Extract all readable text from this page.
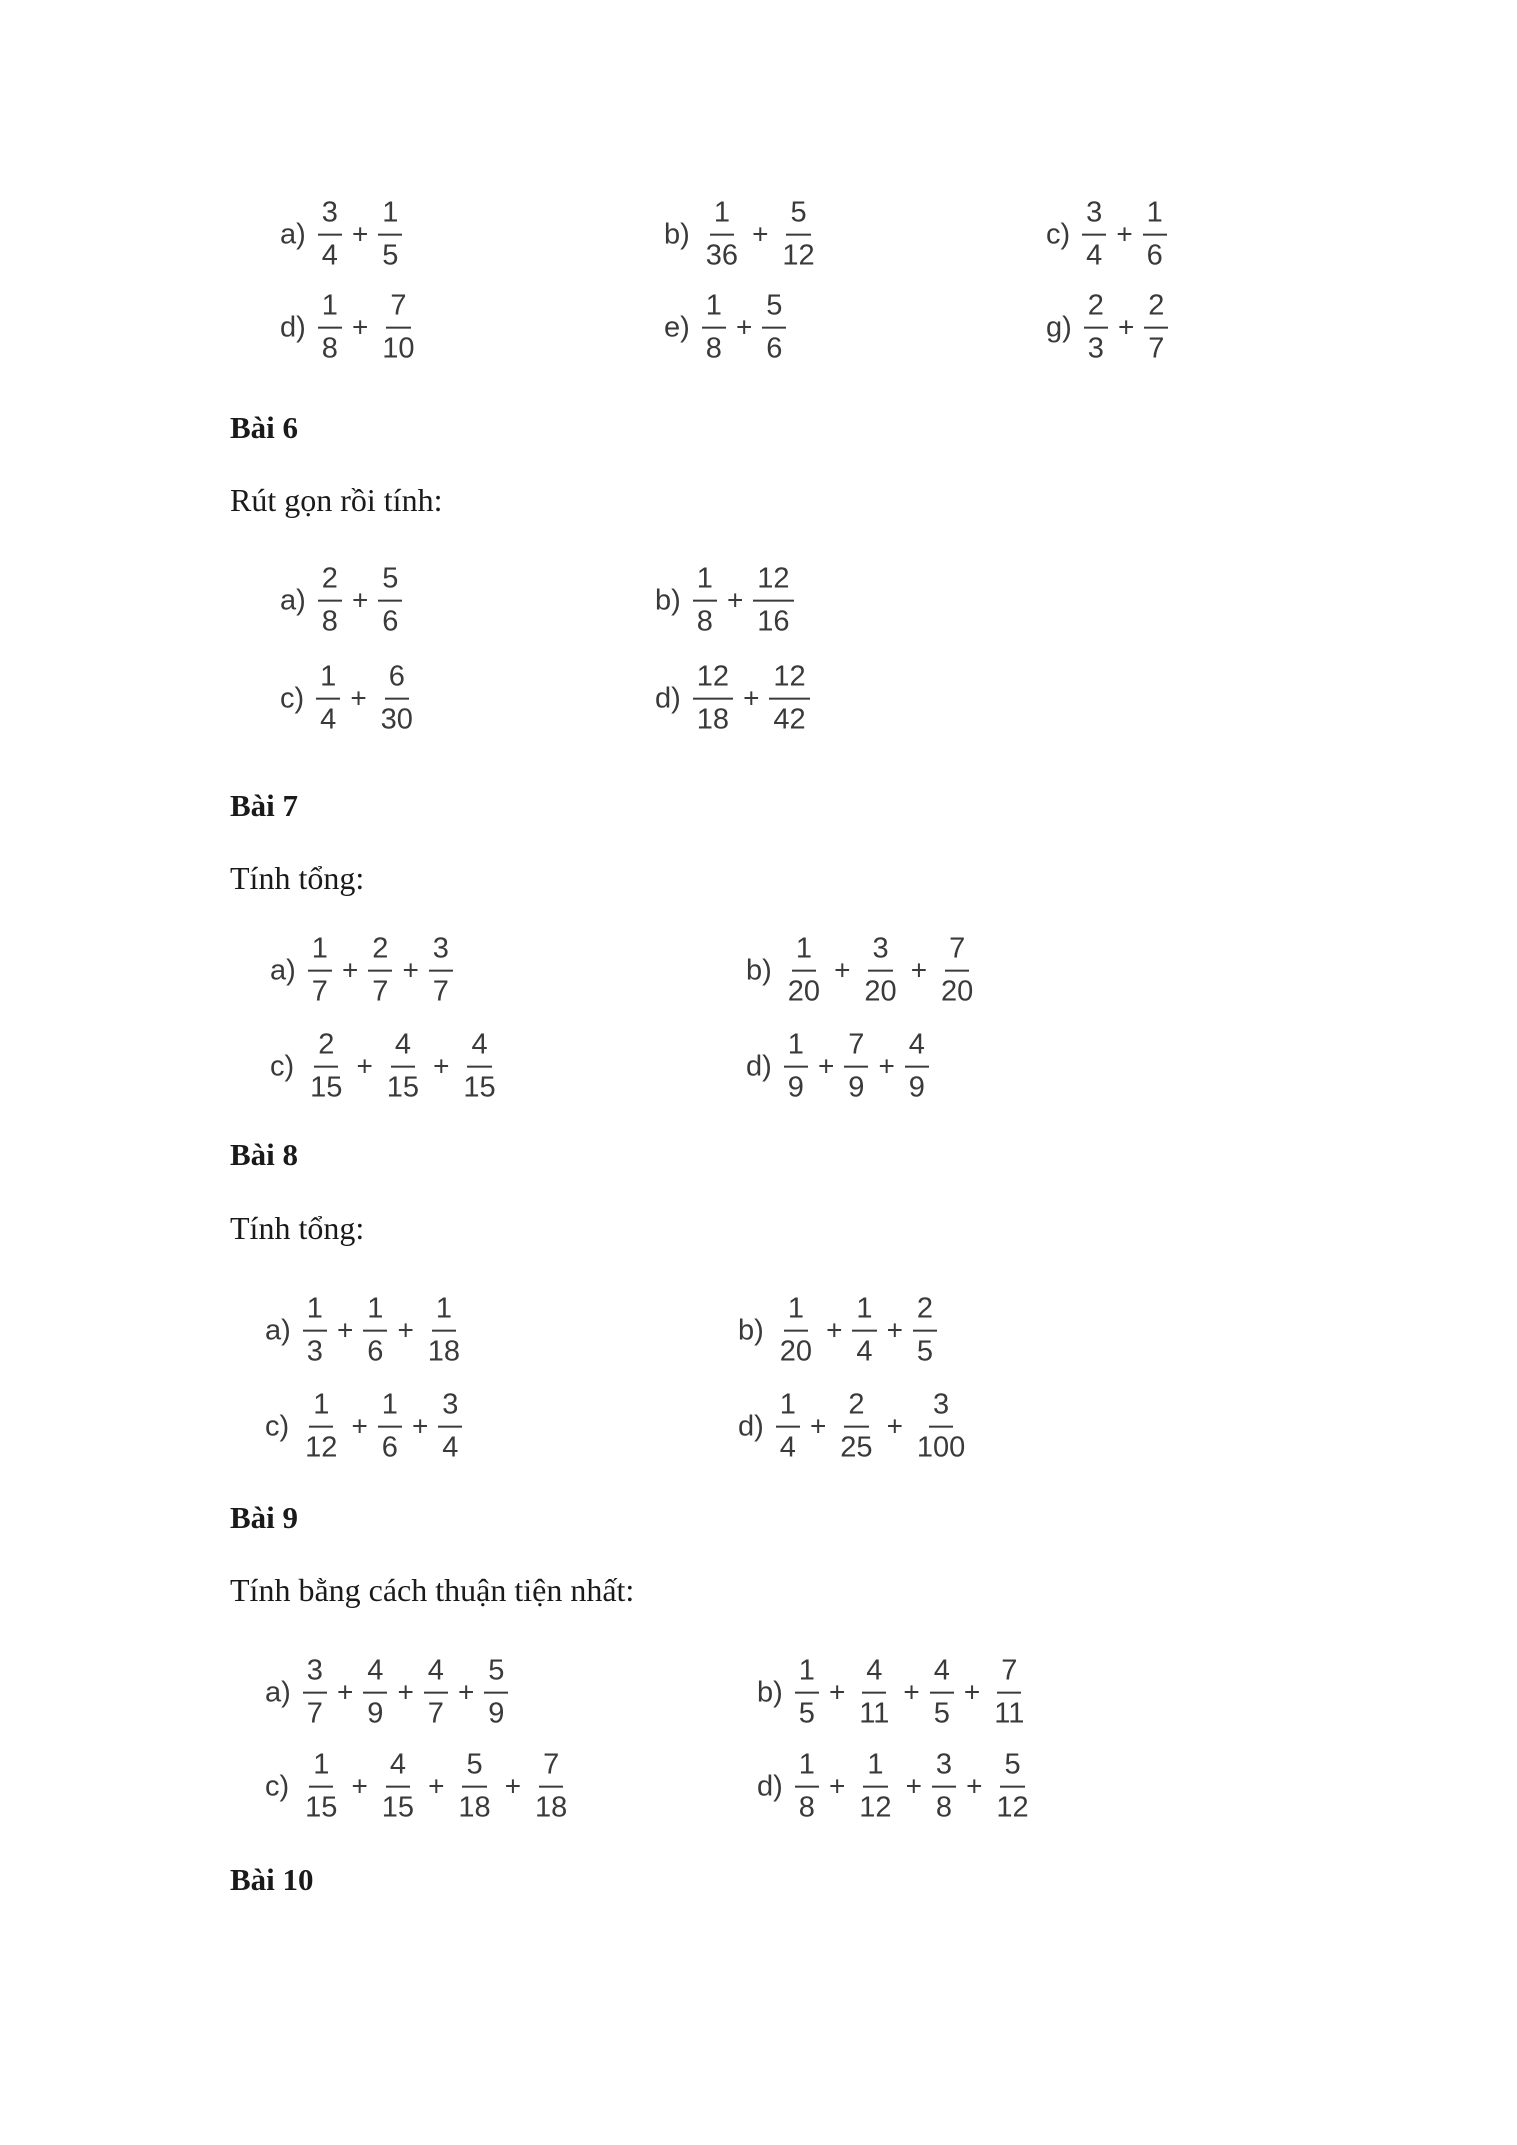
$a) \frac{3}{4} + \frac{1}{5}$	$b) \frac{1}{36} + \frac{5}{12}$	$c) \frac{3}{4} + \frac{1}{6}$
$d) \frac{1}{8} + \frac{7}{10}$	$e) \frac{1}{8} + \frac{5}{6}$	$g) \frac{2}{3} + \frac{2}{7}$
Bài 6
Rút gọn rồi tính:
$a) \frac{2}{8} + \frac{5}{6}$	$b) \frac{1}{8} + \frac{12}{16}$
$c) \frac{1}{4} + \frac{6}{30}$	$d) \frac{12}{18} + \frac{12}{42}$
Bài 7
Tính tổng:
$a) \frac{1}{7} + \frac{2}{7} + \frac{3}{7}$	$b) \frac{1}{20} + \frac{3}{20} + \frac{7}{20}$
$c) \frac{2}{15} + \frac{4}{15} + \frac{4}{15}$	$d) \frac{1}{9} + \frac{7}{9} + \frac{4}{9}$
Bài 8
Tính tổng:
$a) \frac{1}{3} + \frac{1}{6} + \frac{1}{18}$	$b) \frac{1}{20} + \frac{1}{4} + \frac{2}{5}$
$c) \frac{1}{12} + \frac{1}{6} + \frac{3}{4}$	$d) \frac{1}{4} + \frac{2}{25} + \frac{3}{100}$
Bài 9
Tính bằng cách thuận tiện nhất:
$a) \frac{3}{7} + \frac{4}{9} + \frac{4}{7} + \frac{5}{9}$	$b) \frac{1}{5} + \frac{4}{11} + \frac{4}{5} + \frac{7}{11}$
$c) \frac{1}{15} + \frac{4}{15} + \frac{5}{18} + \frac{7}{18}$	$d) \frac{1}{8} + \frac{1}{12} + \frac{3}{8} + \frac{5}{12}$
Bài 10
